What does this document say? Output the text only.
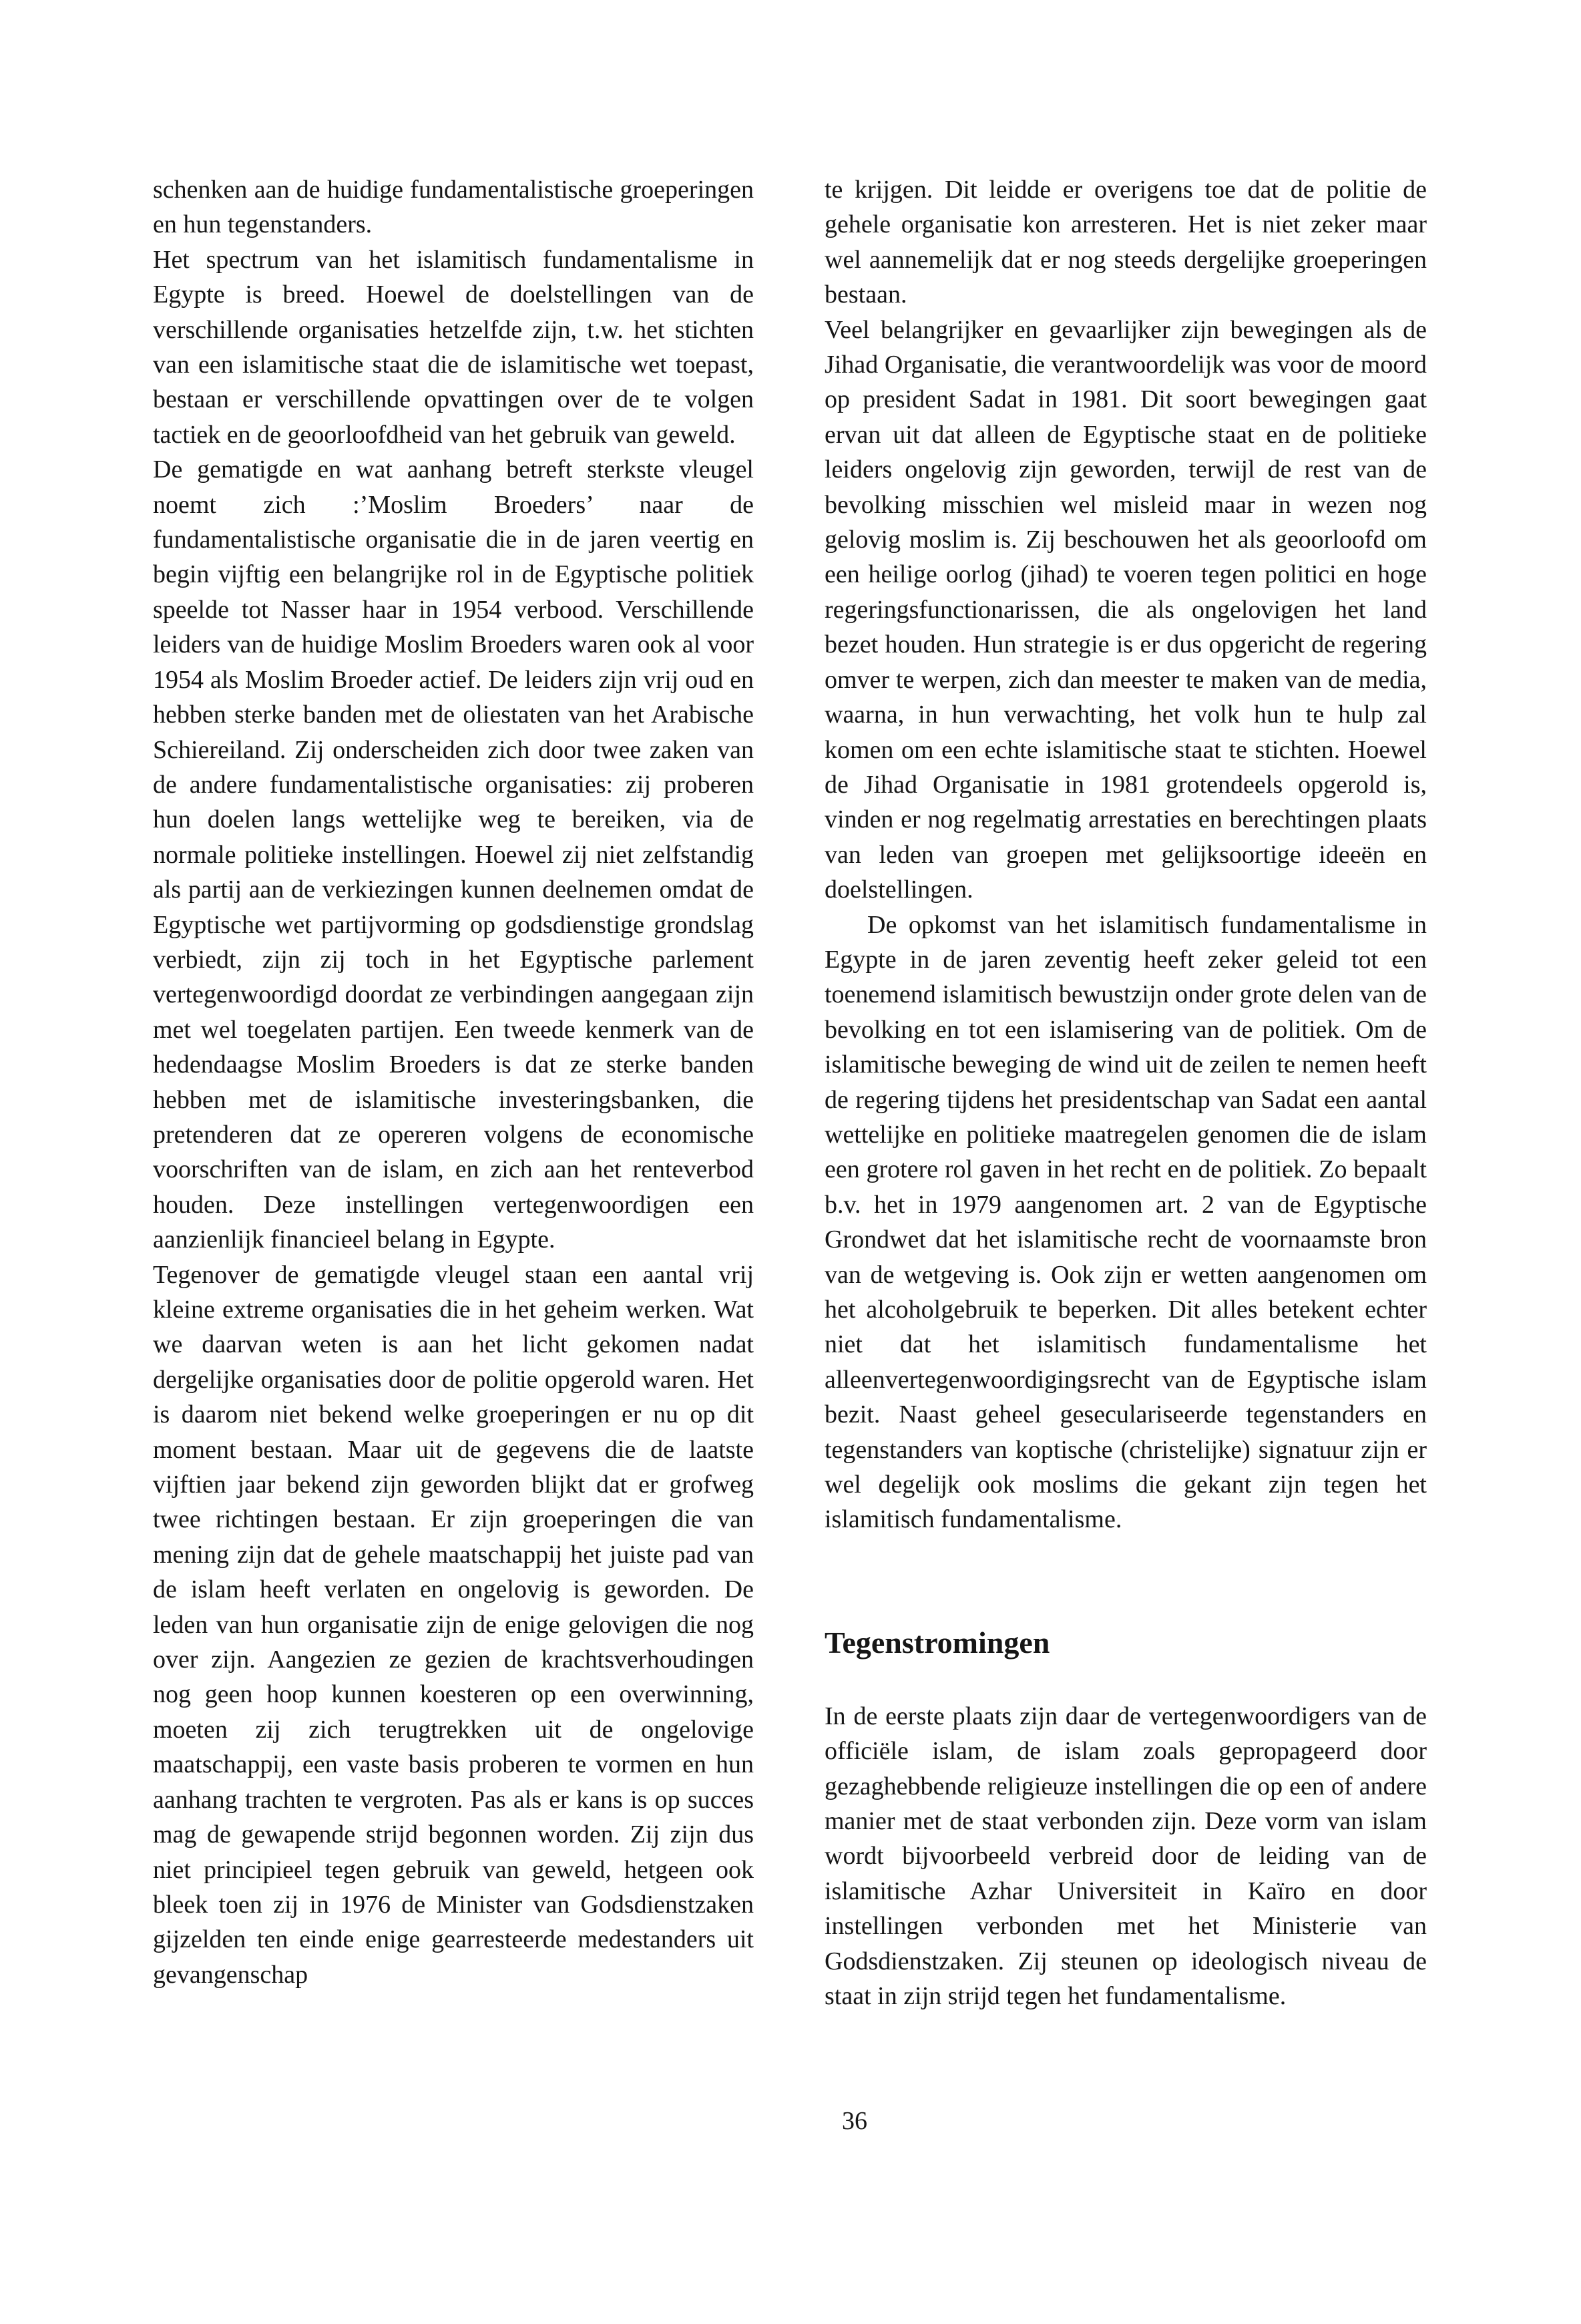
schenken aan de huidige fundamentalistische groeperingen en hun tegenstanders.

Het spectrum van het islamitisch fundamentalisme in Egypte is breed. Hoewel de doelstellingen van de verschillende organisaties hetzelfde zijn, t.w. het stichten van een islamitische staat die de islamitische wet toepast, bestaan er verschillende opvattingen over de te volgen tactiek en de geoorloofdheid van het gebruik van geweld.

De gematigde en wat aanhang betreft sterkste vleugel noemt zich :’Moslim Broeders’ naar de fundamentalistische organisatie die in de jaren veertig en begin vijftig een belangrijke rol in de Egyptische politiek speelde tot Nasser haar in 1954 verbood. Verschillende leiders van de huidige Moslim Broeders waren ook al voor 1954 als Moslim Broeder actief. De leiders zijn vrij oud en hebben sterke banden met de oliestaten van het Arabische Schiereiland. Zij onderscheiden zich door twee zaken van de andere fundamentalistische organisaties: zij proberen hun doelen langs wettelijke weg te bereiken, via de normale politieke instellingen. Hoewel zij niet zelfstandig als partij aan de verkiezingen kunnen deelnemen omdat de Egyptische wet partijvorming op godsdienstige grondslag verbiedt, zijn zij toch in het Egyptische parlement vertegenwoordigd doordat ze verbindingen aangegaan zijn met wel toegelaten partijen. Een tweede kenmerk van de hedendaagse Moslim Broeders is dat ze sterke banden hebben met de islamitische investeringsbanken, die pretenderen dat ze opereren volgens de economische voorschriften van de islam, en zich aan het renteverbod houden. Deze instellingen vertegenwoordigen een aanzienlijk financieel belang in Egypte.

Tegenover de gematigde vleugel staan een aantal vrij kleine extreme organisaties die in het geheim werken. Wat we daarvan weten is aan het licht gekomen nadat dergelijke organisaties door de politie opgerold waren. Het is daarom niet bekend welke groeperingen er nu op dit moment bestaan. Maar uit de gegevens die de laatste vijftien jaar bekend zijn geworden blijkt dat er grofweg twee richtingen bestaan. Er zijn groeperingen die van mening zijn dat de gehele maatschappij het juiste pad van de islam heeft verlaten en ongelovig is geworden. De leden van hun organisatie zijn de enige gelovigen die nog over zijn. Aangezien ze gezien de krachtsverhoudingen nog geen hoop kunnen koesteren op een overwinning, moeten zij zich terugtrekken uit de ongelovige maatschappij, een vaste basis proberen te vormen en hun aanhang trachten te vergroten. Pas als er kans is op succes mag de gewapende strijd begonnen worden. Zij zijn dus niet principieel tegen gebruik van geweld, hetgeen ook bleek toen zij in 1976 de Minister van Godsdienstzaken gijzelden ten einde enige gearresteerde medestanders uit gevangenschap

te krijgen. Dit leidde er overigens toe dat de politie de gehele organisatie kon arresteren. Het is niet zeker maar wel aannemelijk dat er nog steeds dergelijke groeperingen bestaan.

Veel belangrijker en gevaarlijker zijn bewegingen als de Jihad Organisatie, die verantwoordelijk was voor de moord op president Sadat in 1981. Dit soort bewegingen gaat ervan uit dat alleen de Egyptische staat en de politieke leiders ongelovig zijn geworden, terwijl de rest van de bevolking misschien wel misleid maar in wezen nog gelovig moslim is. Zij beschouwen het als geoorloofd om een heilige oorlog (jihad) te voeren tegen politici en hoge regeringsfunctionarissen, die als ongelovigen het land bezet houden. Hun strategie is er dus opgericht de regering omver te werpen, zich dan meester te maken van de media, waarna, in hun verwachting, het volk hun te hulp zal komen om een echte islamitische staat te stichten. Hoewel de Jihad Organisatie in 1981 grotendeels opgerold is, vinden er nog regelmatig arrestaties en berechtingen plaats van leden van groepen met gelijksoortige ideeën en doelstellingen.

De opkomst van het islamitisch fundamentalisme in Egypte in de jaren zeventig heeft zeker geleid tot een toenemend islamitisch bewustzijn onder grote delen van de bevolking en tot een islamisering van de politiek. Om de islamitische beweging de wind uit de zeilen te nemen heeft de regering tijdens het presidentschap van Sadat een aantal wettelijke en politieke maatregelen genomen die de islam een grotere rol gaven in het recht en de politiek. Zo bepaalt b.v. het in 1979 aangenomen art. 2 van de Egyptische Grondwet dat het islamitische recht de voornaamste bron van de wetgeving is. Ook zijn er wetten aangenomen om het alcoholgebruik te beperken. Dit alles betekent echter niet dat het islamitisch fundamentalisme het alleenvertegenwoordigingsrecht van de Egyptische islam bezit. Naast geheel geseculariseerde tegenstanders en tegenstanders van koptische (christelijke) signatuur zijn er wel degelijk ook moslims die gekant zijn tegen het islamitisch fundamentalisme.

Tegenstromingen

In de eerste plaats zijn daar de vertegenwoordigers van de officiële islam, de islam zoals gepropageerd door gezaghebbende religieuze instellingen die op een of andere manier met de staat verbonden zijn. Deze vorm van islam wordt bijvoorbeeld verbreid door de leiding van de islamitische Azhar Universiteit in Kaïro en door instellingen verbonden met het Ministerie van Godsdienstzaken. Zij steunen op ideologisch niveau de staat in zijn strijd tegen het fundamentalisme.

36
